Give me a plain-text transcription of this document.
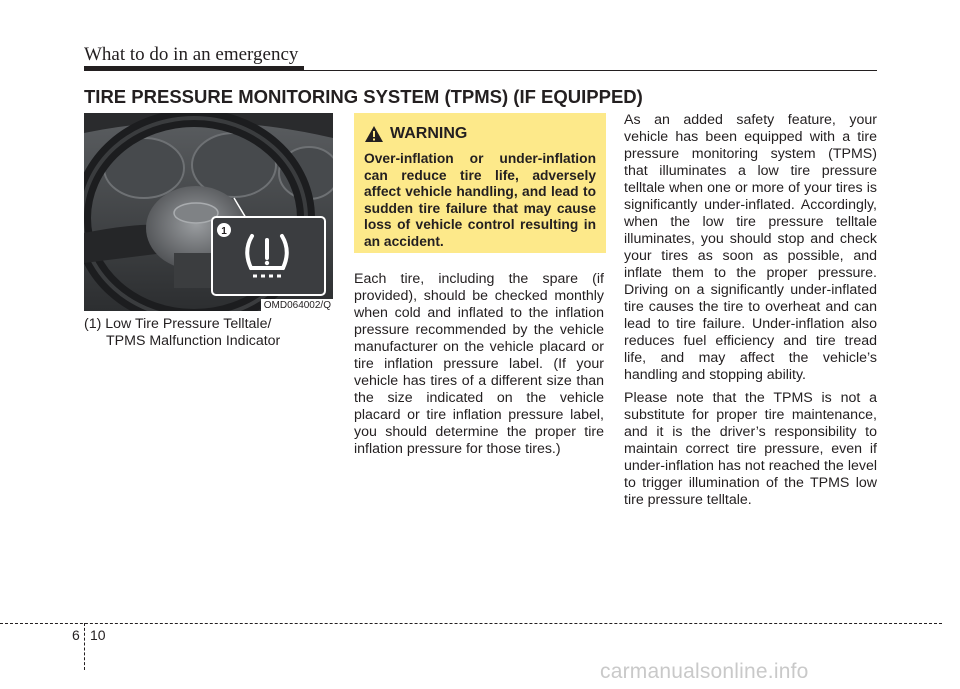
What to do in an emergency
TIRE PRESSURE MONITORING SYSTEM (TPMS) (IF EQUIPPED)
1
OMD064002/Q
(1) Low Tire Pressure Telltale/
TPMS Malfunction Indicator
WARNING
Over-inflation or under-inflation can reduce tire life, adversely affect vehicle handling, and lead to sudden tire failure that may cause loss of vehicle control resulting in an accident.

Each tire, including the spare (if provided), should be checked monthly when cold and inflated to the inflation pressure recommended by the vehicle manufacturer on the vehicle placard or tire inflation pressure label. (If your vehicle has tires of a different size than the size indicated on the vehicle placard or tire inflation pressure label, you should determine the proper tire inflation pressure for those tires.)

As an added safety feature, your vehicle has been equipped with a tire pressure monitoring system (TPMS) that illuminates a low tire pressure telltale when one or more of your tires is significantly under-inflated. Accordingly, when the low tire pressure telltale illuminates, you should stop and check your tires as soon as possible, and inflate them to the proper pressure. Driving on a significantly under-inflated tire causes the tire to overheat and can lead to tire failure. Under-inflation also reduces fuel efficiency and tire tread life, and may affect the vehicle’s handling and stopping ability.

Please note that the TPMS is not a substitute for proper tire maintenance, and it is the driver’s responsibility to maintain correct tire pressure, even if under-inflation has not reached the level to trigger illumination of the TPMS low tire pressure telltale.

6 10
carmanualsonline.info
